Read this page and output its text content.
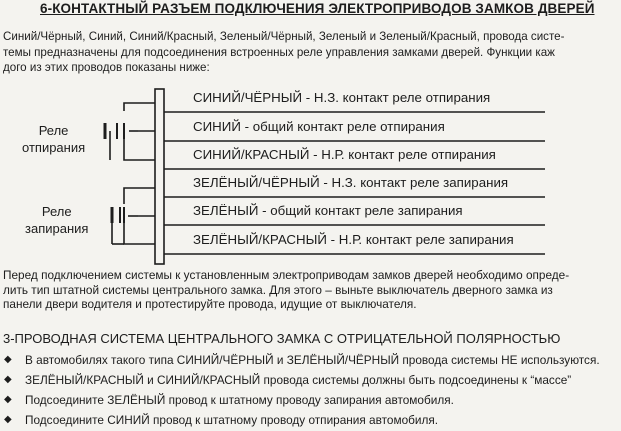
6-КОНТАКТНЫЙ РАЗЪЕМ ПОДКЛЮЧЕНИЯ ЭЛЕКТРОПРИВОДОВ ЗАМКОВ ДВЕРЕЙ

Синий/Чёрный, Синий, Синий/Красный, Зеленый/Чёрный, Зеленый и Зеленый/Красный, провода систе-

темы предназначены для подсоединения встроенных реле управления замками дверей. Функции каж

дого из этих проводов показаны ниже:

Реле
отпирания
Реле
запирания
СИНИЙ/ЧЁРНЫЙ - Н.З. контакт реле отпирания
СИНИЙ - общий контакт реле отпирания
СИНИЙ/КРАСНЫЙ - Н.Р. контакт реле отпирания
ЗЕЛЁНЫЙ/ЧЁРНЫЙ - Н.З. контакт реле запирания
ЗЕЛЁНЫЙ - общий контакт реле запирания
ЗЕЛЁНЫЙ/КРАСНЫЙ - Н.Р. контакт реле запирания

Перед подключением системы к установленным электроприводам замков дверей необходимо опреде-

лить тип штатной системы центрального замка. Для этого – выньте выключатель дверного замка из

панели двери водителя и протестируйте провода, идущие от выключателя.

3-ПРОВОДНАЯ СИСТЕМА ЦЕНТРАЛЬНОГО ЗАМКА С ОТРИЦАТЕЛЬНОЙ ПОЛЯРНОСТЬЮ
◆ В автомобилях такого типа СИНИЙ/ЧЁРНЫЙ и ЗЕЛЁНЫЙ/ЧЁРНЫЙ провода системы НЕ используются.
◆ ЗЕЛЁНЫЙ/КРАСНЫЙ и СИНИЙ/КРАСНЫЙ провода системы должны быть подсоединены к “массе”
◆ Подсоедините ЗЕЛЁНЫЙ провод к штатному проводу запирания автомобиля.
◆ Подсоедините СИНИЙ провод к штатному проводу отпирания автомобиля.
